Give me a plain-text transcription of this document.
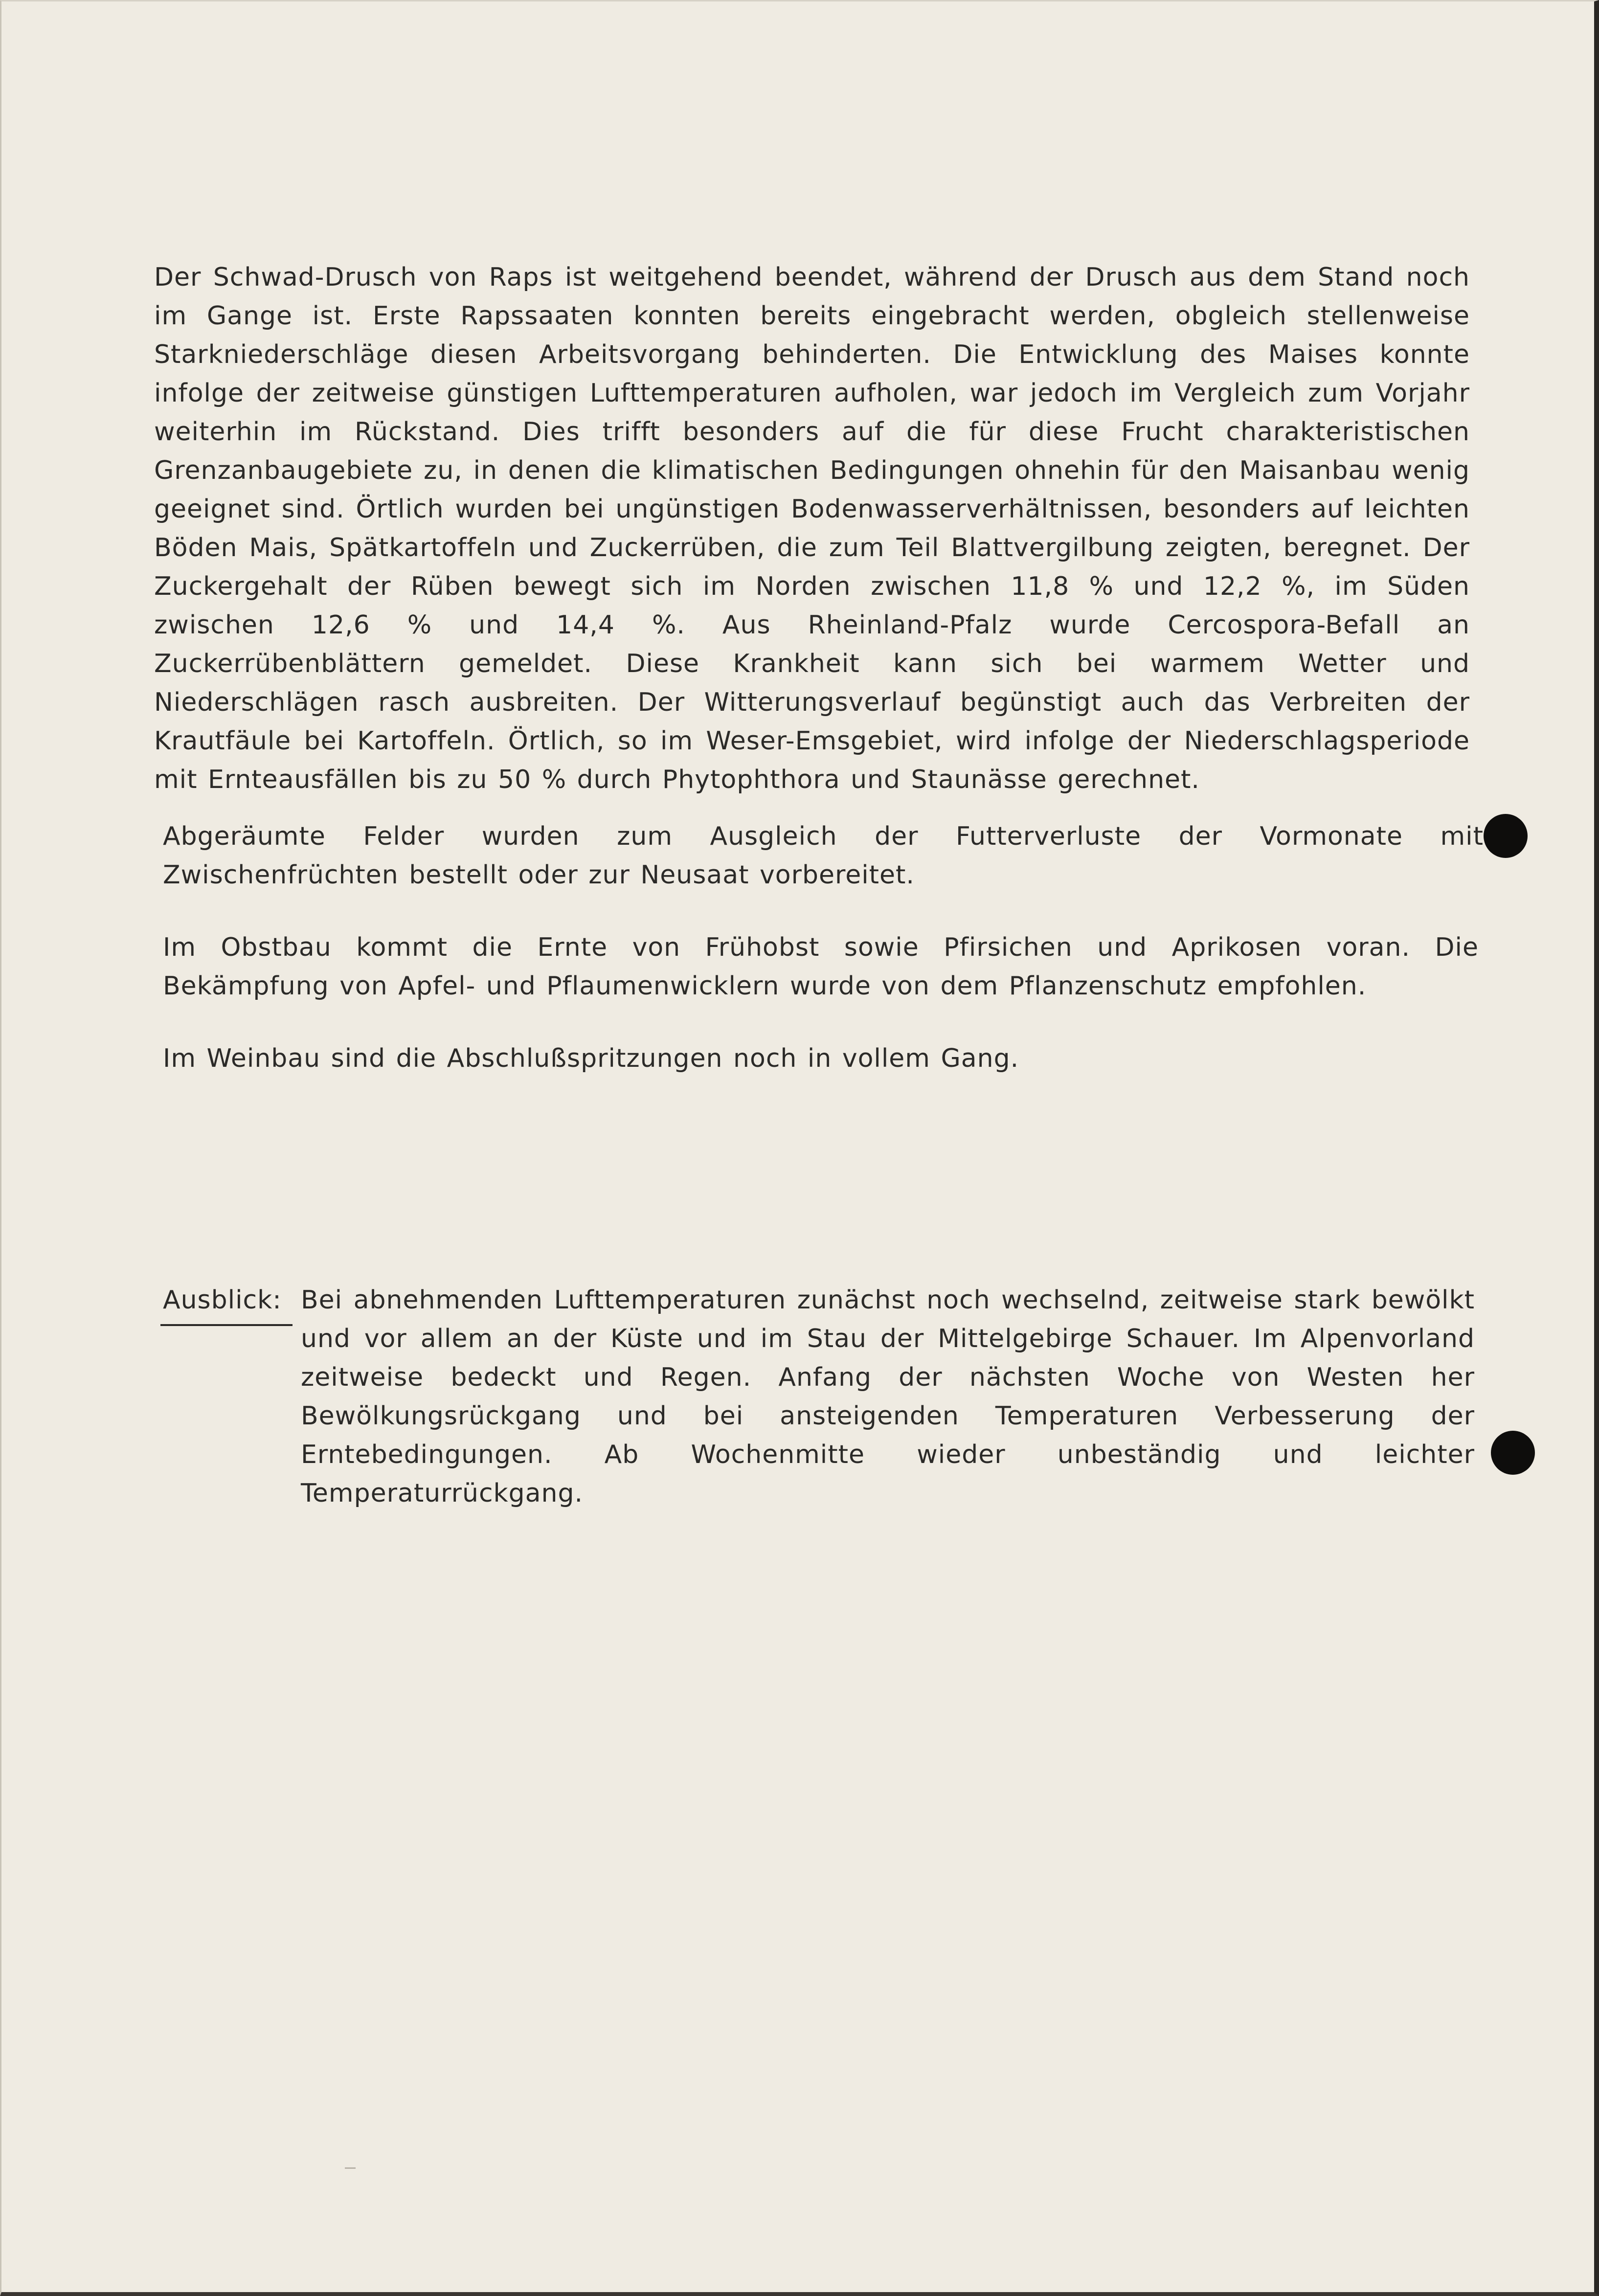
Der Schwad-Drusch von Raps ist weitgehend beendet, während der Drusch aus dem Stand noch im Gange ist. Erste Rapssaaten konnten bereits eingebracht werden, obgleich stellenweise Starkniederschläge diesen Arbeitsvorgang behinderten. Die Entwicklung des Maises konnte infolge der zeitweise günstigen Lufttemperaturen aufholen, war jedoch im Vergleich zum Vorjahr weiterhin im Rückstand. Dies trifft besonders auf die für diese Frucht charakteristischen Grenzanbaugebiete zu, in denen die klimatischen Bedingungen ohnehin für den Maisanbau wenig geeignet sind. Örtlich wurden bei ungünstigen Bodenwasserverhältnissen, besonders auf leichten Böden Mais, Spätkartoffeln und Zuckerrüben, die zum Teil Blattvergilbung zeigten, beregnet. Der Zuckergehalt der Rüben bewegt sich im Norden zwischen 11,8 % und 12,2 %, im Süden zwischen 12,6 % und 14,4 %. Aus Rheinland-Pfalz wurde Cercospora-Befall an Zuckerrübenblättern gemeldet. Diese Krankheit kann sich bei warmem Wetter und Niederschlägen rasch ausbreiten. Der Witterungsverlauf begünstigt auch das Verbreiten der Krautfäule bei Kartoffeln. Örtlich, so im Weser-Emsgebiet, wird infolge der Niederschlagsperiode mit Ernteausfällen bis zu 50 % durch Phytophthora und Staunässe gerechnet.
Abgeräumte Felder wurden zum Ausgleich der Futterverluste der Vormonate mit Zwischenfrüchten bestellt oder zur Neusaat vorbereitet.
Im Obstbau kommt die Ernte von Frühobst sowie Pfirsichen und Aprikosen voran. Die Bekämpfung von Apfel- und Pflaumenwicklern wurde von dem Pflanzenschutz empfohlen.
Im Weinbau sind die Abschlußspritzungen noch in vollem Gang.
Ausblick: Bei abnehmenden Lufttemperaturen zunächst noch wechselnd, zeitweise stark bewölkt und vor allem an der Küste und im Stau der Mittelgebirge Schauer. Im Alpenvorland zeitweise bedeckt und Regen. Anfang der nächsten Woche von Westen her Bewölkungsrückgang und bei ansteigenden Temperaturen Verbesserung der Erntebedingungen. Ab Wochenmitte wieder unbeständig und leichter Temperaturrückgang.
